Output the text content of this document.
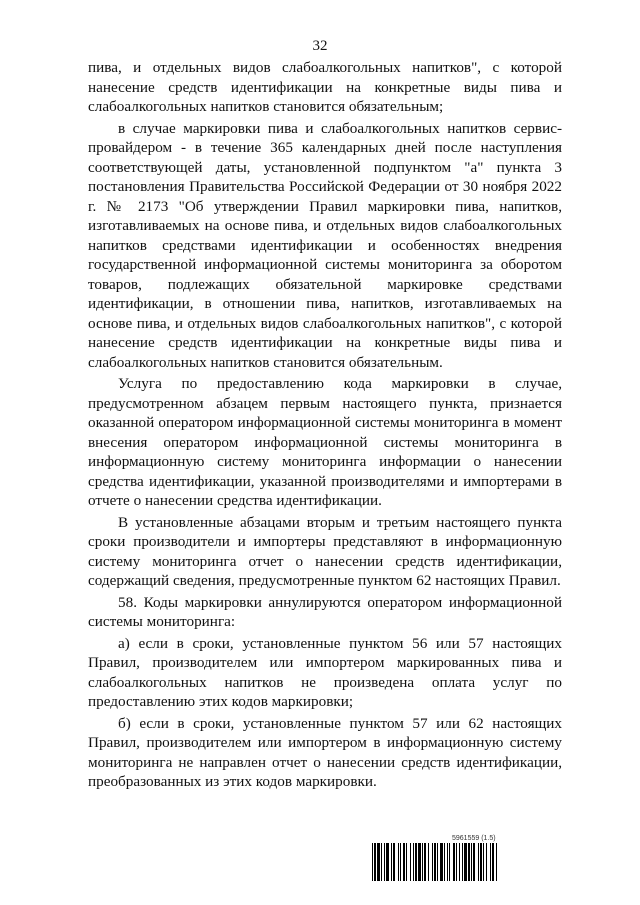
32

пива, и отдельных видов слабоалкогольных напитков", с которой нанесение средств идентификации на конкретные виды пива и слабоалкогольных напитков становится обязательным;

в случае маркировки пива и слабоалкогольных напитков сервис-провайдером - в течение 365 календарных дней после наступления соответствующей даты, установленной подпунктом "а" пункта 3 постановления Правительства Российской Федерации от 30 ноября 2022 г. № 2173 "Об утверждении Правил маркировки пива, напитков, изготавливаемых на основе пива, и отдельных видов слабоалкогольных напитков средствами идентификации и особенностях внедрения государственной информационной системы мониторинга за оборотом товаров, подлежащих обязательной маркировке средствами идентификации, в отношении пива, напитков, изготавливаемых на основе пива, и отдельных видов слабоалкогольных напитков", с которой нанесение средств идентификации на конкретные виды пива и слабоалкогольных напитков становится обязательным.

Услуга по предоставлению кода маркировки в случае, предусмотренном абзацем первым настоящего пункта, признается оказанной оператором информационной системы мониторинга в момент внесения оператором информационной системы мониторинга в информационную систему мониторинга информации о нанесении средства идентификации, указанной производителями и импортерами в отчете о нанесении средства идентификации.

В установленные абзацами вторым и третьим настоящего пункта сроки производители и импортеры представляют в информационную систему мониторинга отчет о нанесении средств идентификации, содержащий сведения, предусмотренные пунктом 62 настоящих Правил.

58. Коды маркировки аннулируются оператором информационной системы мониторинга:

а) если в сроки, установленные пунктом 56 или 57 настоящих Правил, производителем или импортером маркированных пива и слабоалкогольных напитков не произведена оплата услуг по предоставлению этих кодов маркировки;

б) если в сроки, установленные пунктом 57 или 62 настоящих Правил, производителем или импортером в информационную систему мониторинга не направлен отчет о нанесении средств идентификации, преобразованных из этих кодов маркировки.

5961559 (1.5)
